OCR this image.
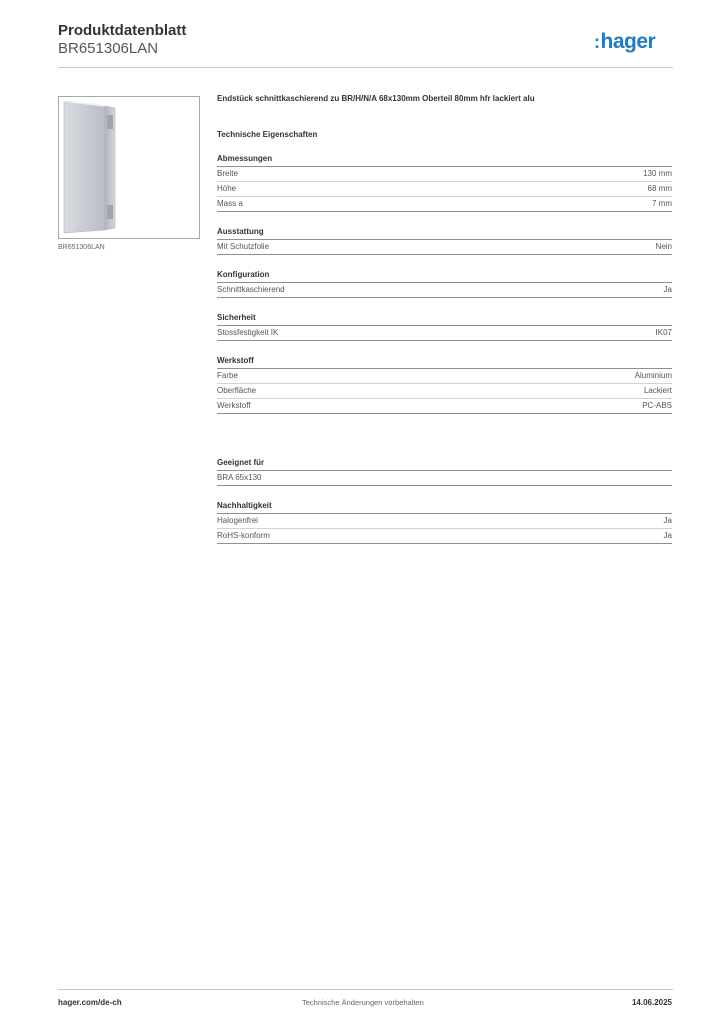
Produktdatenblatt
BR651306LAN	:hager
BR651306LAN
Endstück schnittkaschierend zu BR/H/N/A 68x130mm Oberteil 80mm hfr lackiert alu
Technische Eigenschaften
Abmessungen
Breite	130 mm
Höhe	68 mm
Mass a	7 mm
Ausstattung
Mit Schutzfolie	Nein
Konfiguration
Schnittkaschierend	Ja
Sicherheit
Stossfestigkeit IK	IK07
Werkstoff
Farbe	Aluminium
Oberfläche	Lackiert
Werkstoff	PC-ABS
Geeignet für
BRA 65x130
Nachhaltigkeit
Halogenfrei	Ja
RoHS-konform	Ja
hager.com/de-ch	Technische Änderungen vorbehalten	14.06.2025
